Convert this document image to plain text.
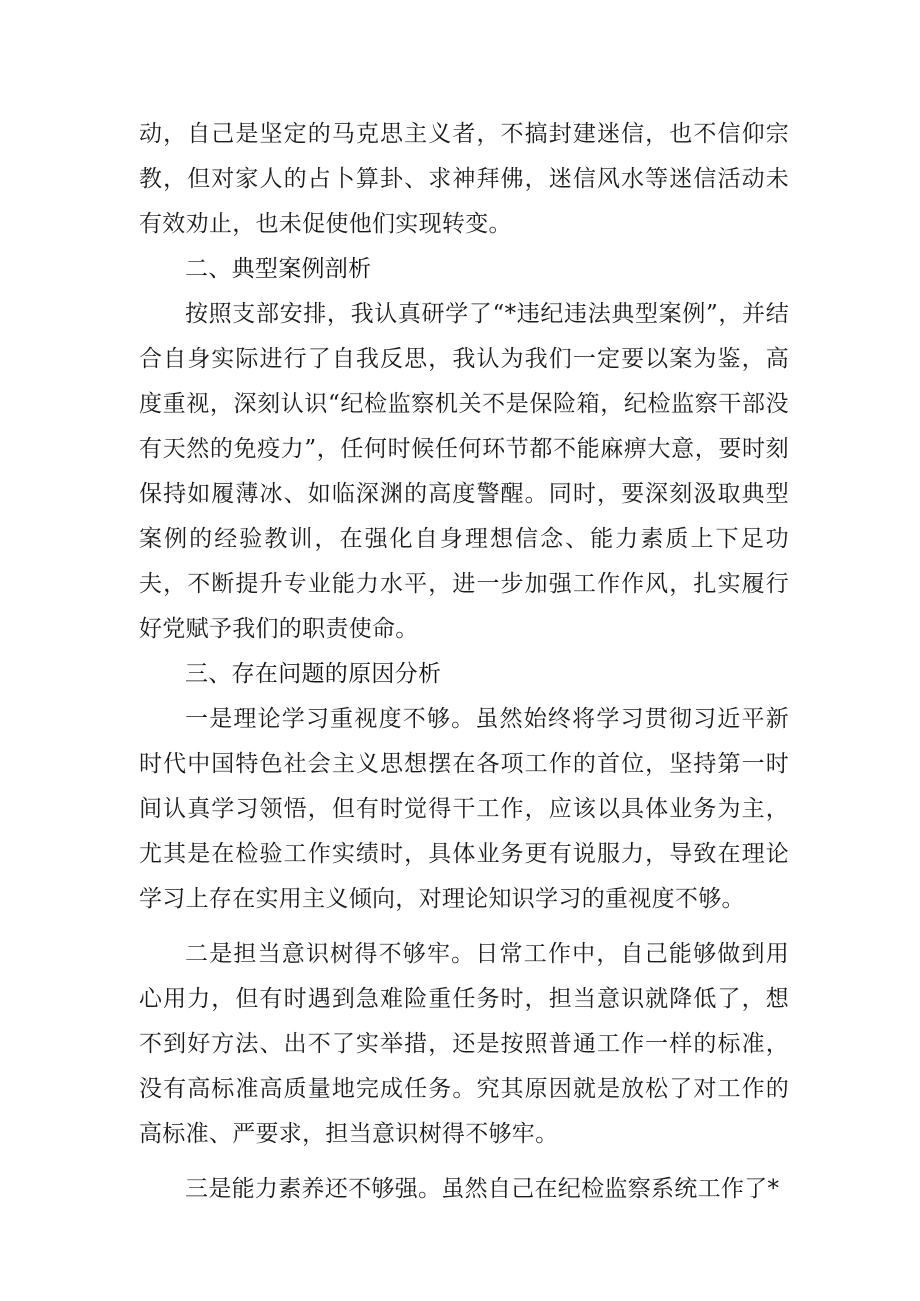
动，自己是坚定的马克思主义者，不搞封建迷信，也不信仰宗教，但对家人的占卜算卦、求神拜佛，迷信风水等迷信活动未有效劝止，也未促使他们实现转变。

二、典型案例剖析

按照支部安排，我认真研学了“*违纪违法典型案例”，并结合自身实际进行了自我反思，我认为我们一定要以案为鉴，高度重视，深刻认识“纪检监察机关不是保险箱，纪检监察干部没有天然的免疫力”，任何时候任何环节都不能麻痹大意，要时刻保持如履薄冰、如临深渊的高度警醒。同时，要深刻汲取典型案例的经验教训，在强化自身理想信念、能力素质上下足功夫，不断提升专业能力水平，进一步加强工作作风，扎实履行好党赋予我们的职责使命。

三、存在问题的原因分析

一是理论学习重视度不够。虽然始终将学习贯彻习近平新时代中国特色社会主义思想摆在各项工作的首位，坚持第一时间认真学习领悟，但有时觉得干工作，应该以具体业务为主，尤其是在检验工作实绩时，具体业务更有说服力，导致在理论学习上存在实用主义倾向，对理论知识学习的重视度不够。

二是担当意识树得不够牢。日常工作中，自己能够做到用心用力，但有时遇到急难险重任务时，担当意识就降低了，想不到好方法、出不了实举措，还是按照普通工作一样的标准，没有高标准高质量地完成任务。究其原因就是放松了对工作的高标准、严要求，担当意识树得不够牢。

三是能力素养还不够强。虽然自己在纪检监察系统工作了*
